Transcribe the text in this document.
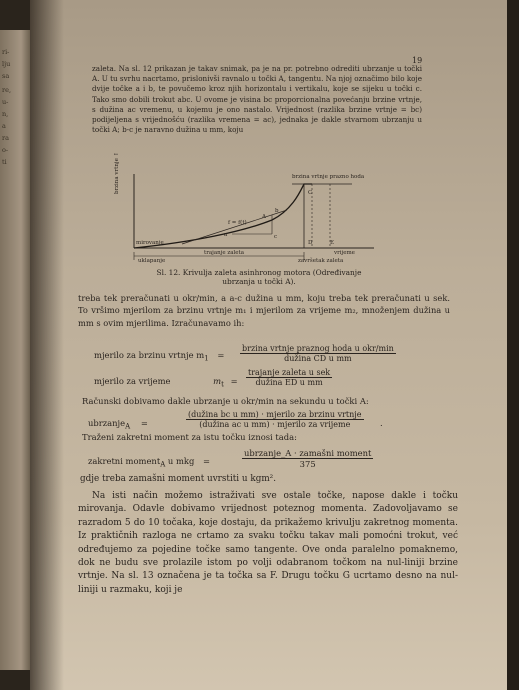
ri-
lju
sa
re,
u-
n,
a
ra
o-
ti
19

zaleta. Na sl. 12 prikazan je takav snimak, pa je na pr. potrebno odrediti ubrzanje u točki A. U tu svrhu nacrtamo, prislonivši ravnalo u točki A, tangentu. Na njoj označimo bilo koje dvije točke a i b, te povučemo kroz njih horizontalu i vertikalu, koje se sijeku u točki c. Tako smo dobili trokut abc. U ovome je visina bc proporcionalna povećanju brzine vrtnje, s dužina ac vremenu, u kojemu je ono nastalo. Vrijednost (razlika brzine vrtnje = bc) podijeljena s vrijednošću (razlika vremena = ac), jednaka je dakle stvarnom ubrzanju u točki A; b-c je naravno dužina u mm, koju

brzina vrtnje ↑	brzina vrtnje prazno hoda
f = f(t)
a
b
c
A
C
D	E
mirovanje
trajanje zaleta
uklapanje
vrijeme
završetak zaleta
Sl. 12. Krivulja zaleta asinhronog motora (Određivanje
ubrzanja u točki A).

treba tek preračunati u okr/min, a a-c dužina u mm, koju treba tek preračunati u sek. To vršimo mjerilom za brzinu vrtnje m₁ i mjerilom za vrijeme m₂, množenjem dužina u mm s ovim mjerilima. Izračunavamo ih:

mjerilo za brzinu vrtnje $m_1$ =
brzina vrtnje praznog hoda u okr/min
dužina CD u mm
mjerilo za vrijeme	$m_t$ =
trajanje zaleta u sek
dužina ED u mm
Računski dobivamo dakle ubrzanje u okr/min na sekundu u točki A:
ubrzanje$_A$ =
(dužina bc u mm) · mjerilo za brzinu vrtnje
(dužina ac u mm) · mjerilo za vrijeme	.
Traženi zakretni moment za istu točku iznosi tada:
zakretni moment$_A$ u mkg =
ubrzanje_A · zamašni moment
375
gdje treba zamašni moment uvrstiti u kgm².

Na isti način možemo istraživati sve ostale točke, napose dakle i točku mirovanja. Odavle dobivamo vrijednost poteznog momenta. Zadovoljavamo se razradom 5 do 10 točaka, koje dostaju, da prikažemo krivulju zakretnog momenta. Iz praktičnih razloga ne crtamo za svaku točku takav mali pomoćni trokut, već određujemo za pojedine točke samo tangente. Ove onda paralelno pomaknemo, dok ne budu sve prolazile istom po volji odabranom točkom na nul-liniji brzine vrtnje. Na sl. 13 označena je ta točka sa F. Drugu točku G ucrtamo desno na nul-liniji u razmaku, koji je
